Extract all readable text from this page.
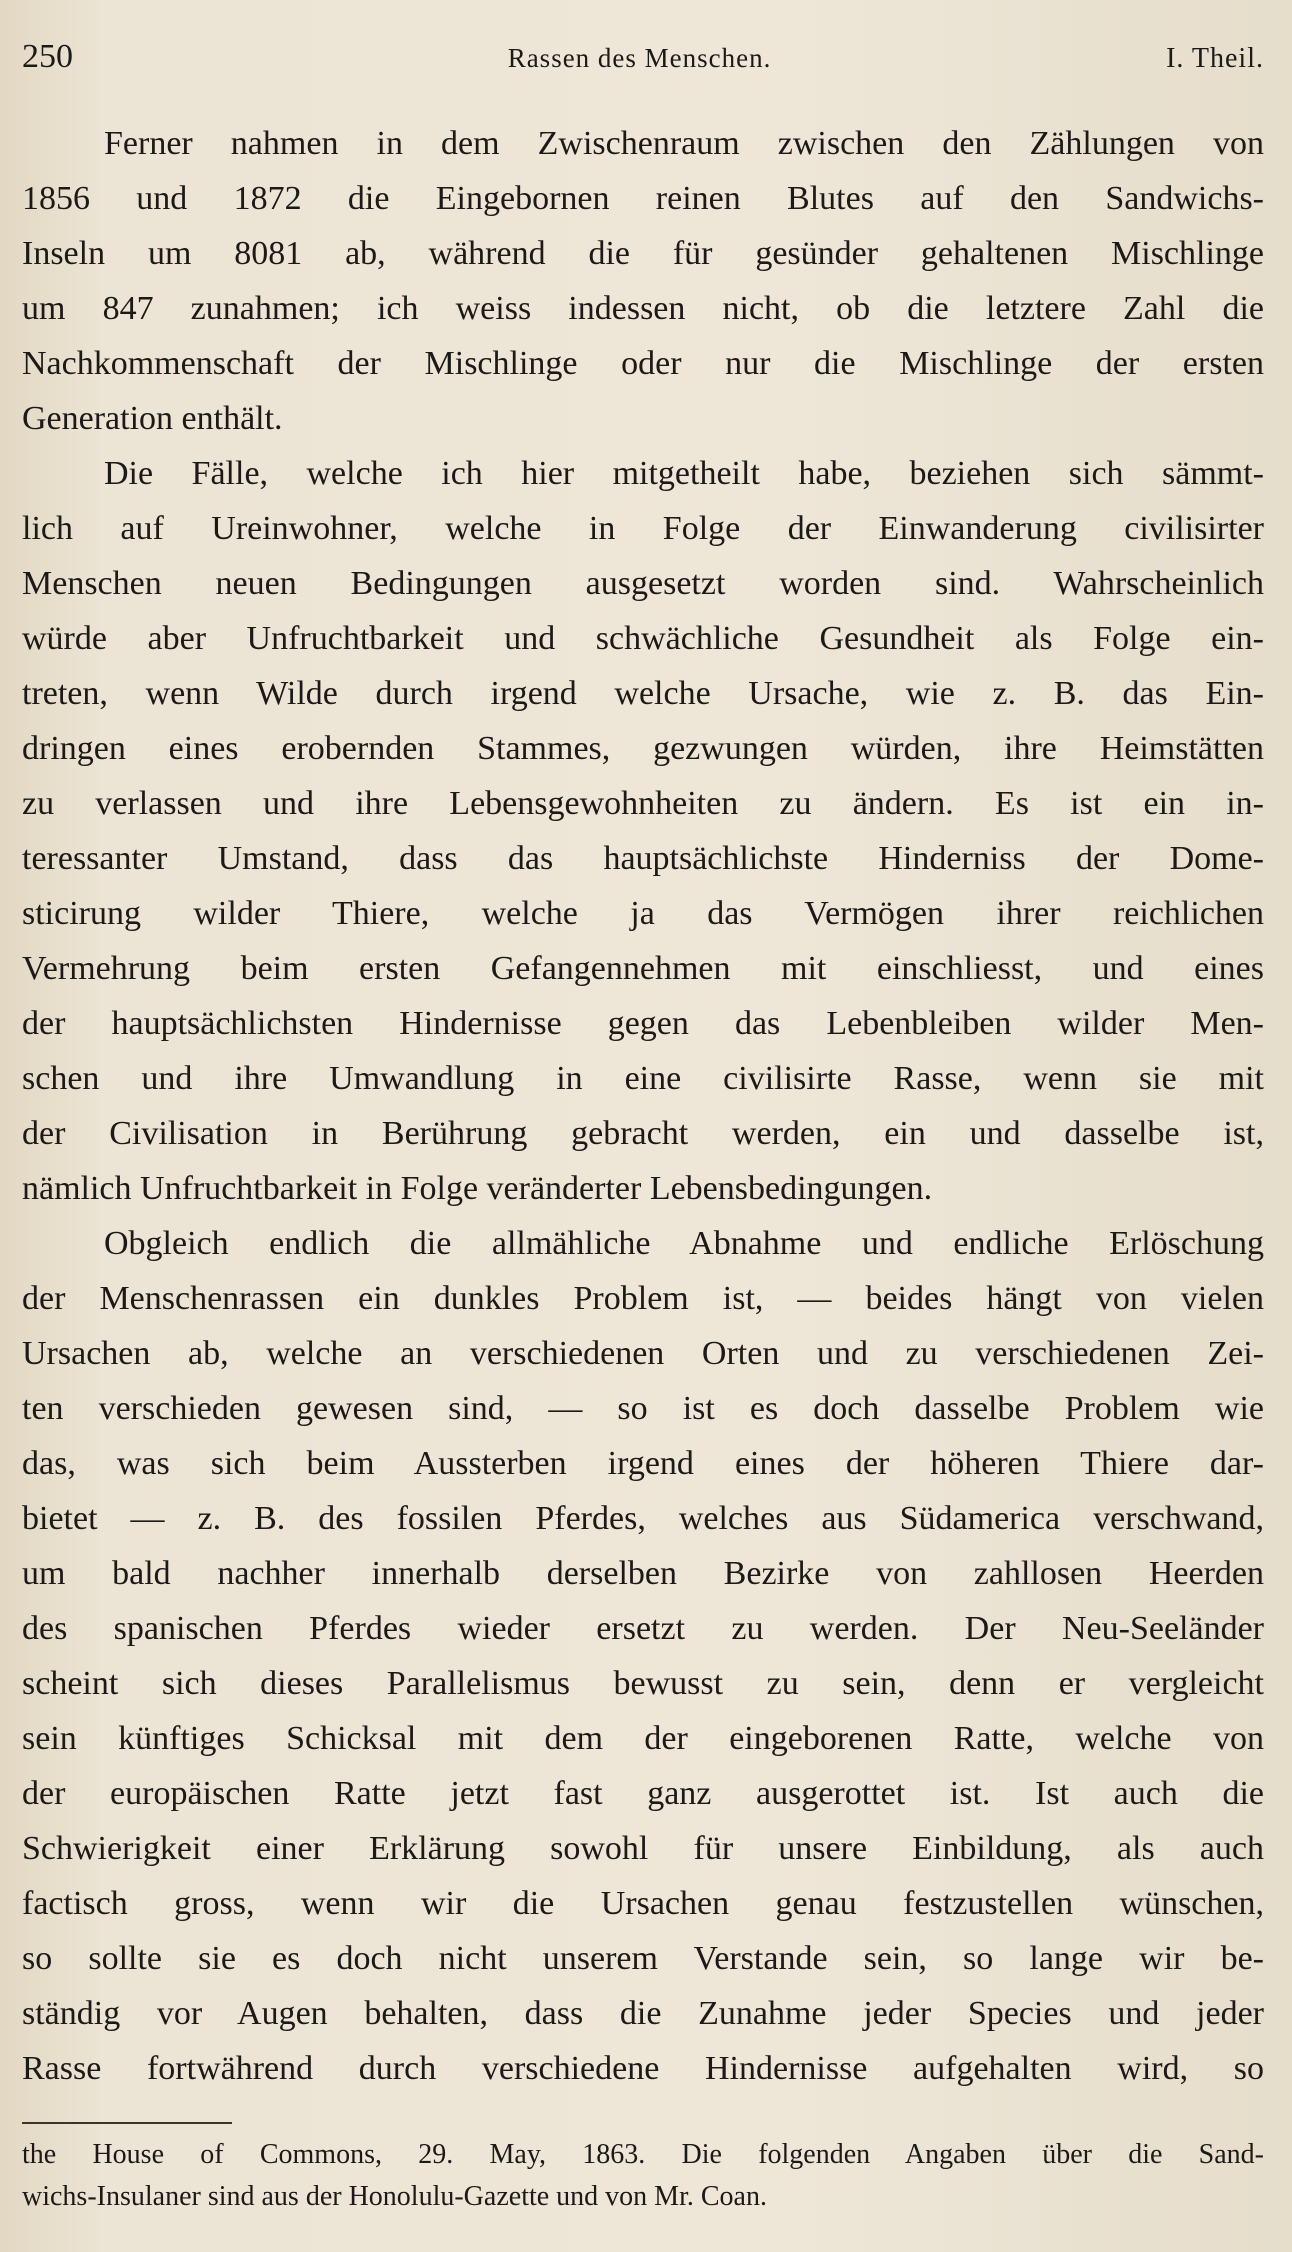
250	Rassen des Menschen.	I. Theil.
Ferner nahmen in dem Zwischenraum zwischen den Zählungen von
1856 und 1872 die Eingebornen reinen Blutes auf den Sandwichs-
Inseln um 8081 ab, während die für gesünder gehaltenen Mischlinge
um 847 zunahmen; ich weiss indessen nicht, ob die letztere Zahl die
Nachkommenschaft der Mischlinge oder nur die Mischlinge der ersten
Generation enthält.
Die Fälle, welche ich hier mitgetheilt habe, beziehen sich sämmt-
lich auf Ureinwohner, welche in Folge der Einwanderung civilisirter
Menschen neuen Bedingungen ausgesetzt worden sind. Wahrscheinlich
würde aber Unfruchtbarkeit und schwächliche Gesundheit als Folge ein-
treten, wenn Wilde durch irgend welche Ursache, wie z. B. das Ein-
dringen eines erobernden Stammes, gezwungen würden, ihre Heimstätten
zu verlassen und ihre Lebensgewohnheiten zu ändern. Es ist ein in-
teressanter Umstand, dass das hauptsächlichste Hinderniss der Dome-
sticirung wilder Thiere, welche ja das Vermögen ihrer reichlichen
Vermehrung beim ersten Gefangennehmen mit einschliesst, und eines
der hauptsächlichsten Hindernisse gegen das Lebenbleiben wilder Men-
schen und ihre Umwandlung in eine civilisirte Rasse, wenn sie mit
der Civilisation in Berührung gebracht werden, ein und dasselbe ist,
nämlich Unfruchtbarkeit in Folge veränderter Lebensbedingungen.
Obgleich endlich die allmähliche Abnahme und endliche Erlöschung
der Menschenrassen ein dunkles Problem ist, — beides hängt von vielen
Ursachen ab, welche an verschiedenen Orten und zu verschiedenen Zei-
ten verschieden gewesen sind, — so ist es doch dasselbe Problem wie
das, was sich beim Aussterben irgend eines der höheren Thiere dar-
bietet — z. B. des fossilen Pferdes, welches aus Südamerica verschwand,
um bald nachher innerhalb derselben Bezirke von zahllosen Heerden
des spanischen Pferdes wieder ersetzt zu werden. Der Neu-Seeländer
scheint sich dieses Parallelismus bewusst zu sein, denn er vergleicht
sein künftiges Schicksal mit dem der eingeborenen Ratte, welche von
der europäischen Ratte jetzt fast ganz ausgerottet ist. Ist auch die
Schwierigkeit einer Erklärung sowohl für unsere Einbildung, als auch
factisch gross, wenn wir die Ursachen genau festzustellen wünschen,
so sollte sie es doch nicht unserem Verstande sein, so lange wir be-
ständig vor Augen behalten, dass die Zunahme jeder Species und jeder
Rasse fortwährend durch verschiedene Hindernisse aufgehalten wird, so
the House of Commons, 29. May, 1863. Die folgenden Angaben über die Sand-
wichs-Insulaner sind aus der Honolulu-Gazette und von Mr. Coan.
